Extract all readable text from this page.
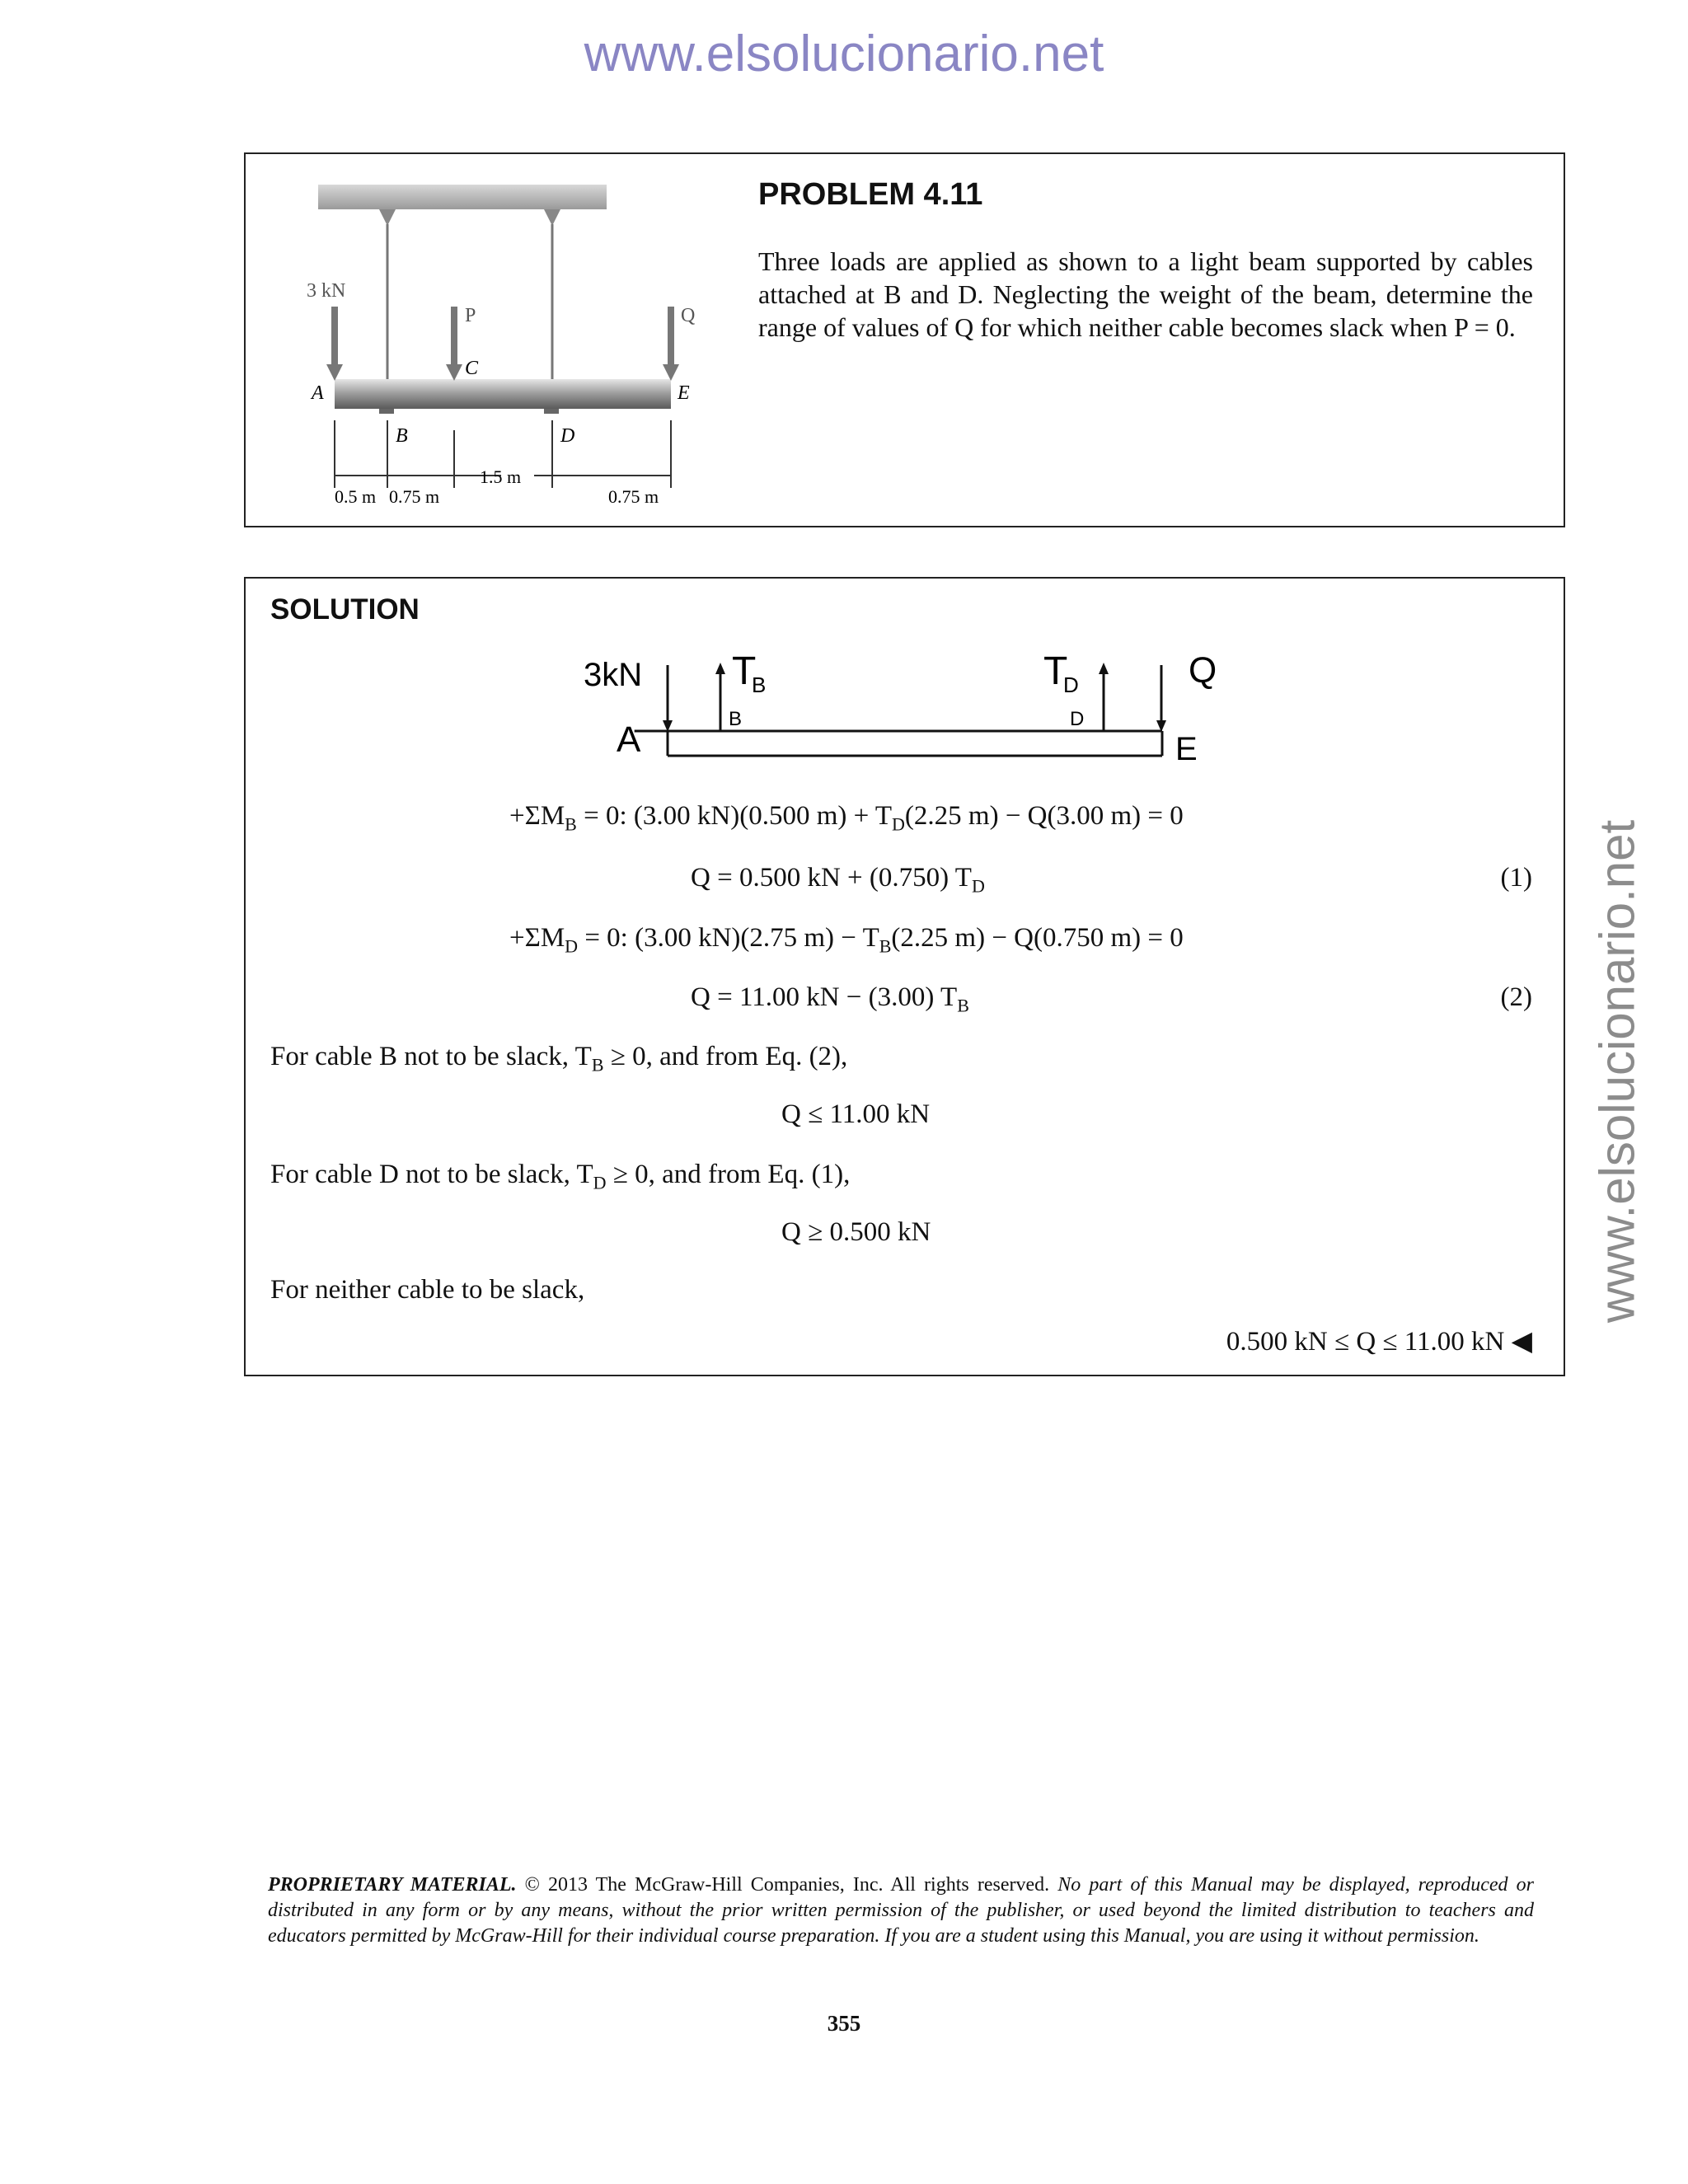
www.elsolucionario.net
www.elsolucionario.net
3 kN
P	Q
A
C
E
B	D
0.5 m 0.75 m
1.5 m
0.75 m
PROBLEM 4.11
Three loads are applied as shown to a light beam supported by cables attached at B and D. Neglecting the weight of the beam, determine the range of values of Q for which neither cable becomes slack when P = 0.
SOLUTION
3kN T
B	T
D	Q
A
B	D
E
$+\Sigma M_B = 0$: (3.00 kN)(0.500 $m) + T_D(2.25$ m) − Q(3.00 m) = 0
Q = 0.500 kN + (0.750) $T_D$	(1)
$+\Sigma M_D = 0$: (3.00 kN)(2.75 $m) - T_B(2.25$ m) − Q(0.750 m) = 0
Q = 11.00 kN − (3.00) $T_B$	(2)
For cable B not to be slack, $T_B \ge 0$, and from Eq. (2),
Q ≤ 11.00 kN
For cable D not to be slack, $T_D \ge 0$, and from Eq. (1),
Q ≥ 0.500 kN
For neither cable to be slack,
0.500 kN ≤ Q ≤ 11.00 kN ◀
PROPRIETARY MATERIAL. © 2013 The McGraw-Hill Companies, Inc. All rights reserved. No part of this Manual may be displayed, reproduced or distributed in any form or by any means, without the prior written permission of the publisher, or used beyond the limited distribution to teachers and educators permitted by McGraw-Hill for their individual course preparation. If you are a student using this Manual, you are using it without permission.
355
